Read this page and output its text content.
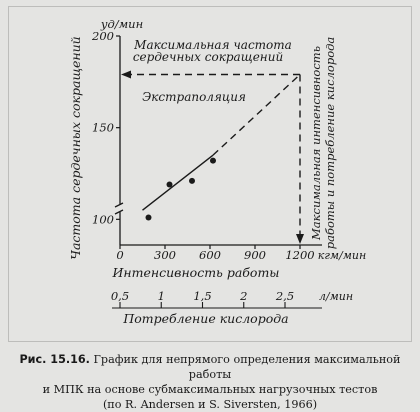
100
150
200
уд/мин
Частота сердечных сокращений	0	300 600 900 1200 кгм/мин
Интенсивность работы
0,5 1 1,5 2 2,5 л/мин
Потребление кислорода
Максимальная частота
сердечных сокращений
Экстраполяция	Максимальная интенсивность работы и потребление кислорода
Рис. 15.16. График для непрямого определения максимальной работы
и МПК на основе субмаксимальных нагрузочных тестов
(по R. Andersen и S. Siversten, 1966)
